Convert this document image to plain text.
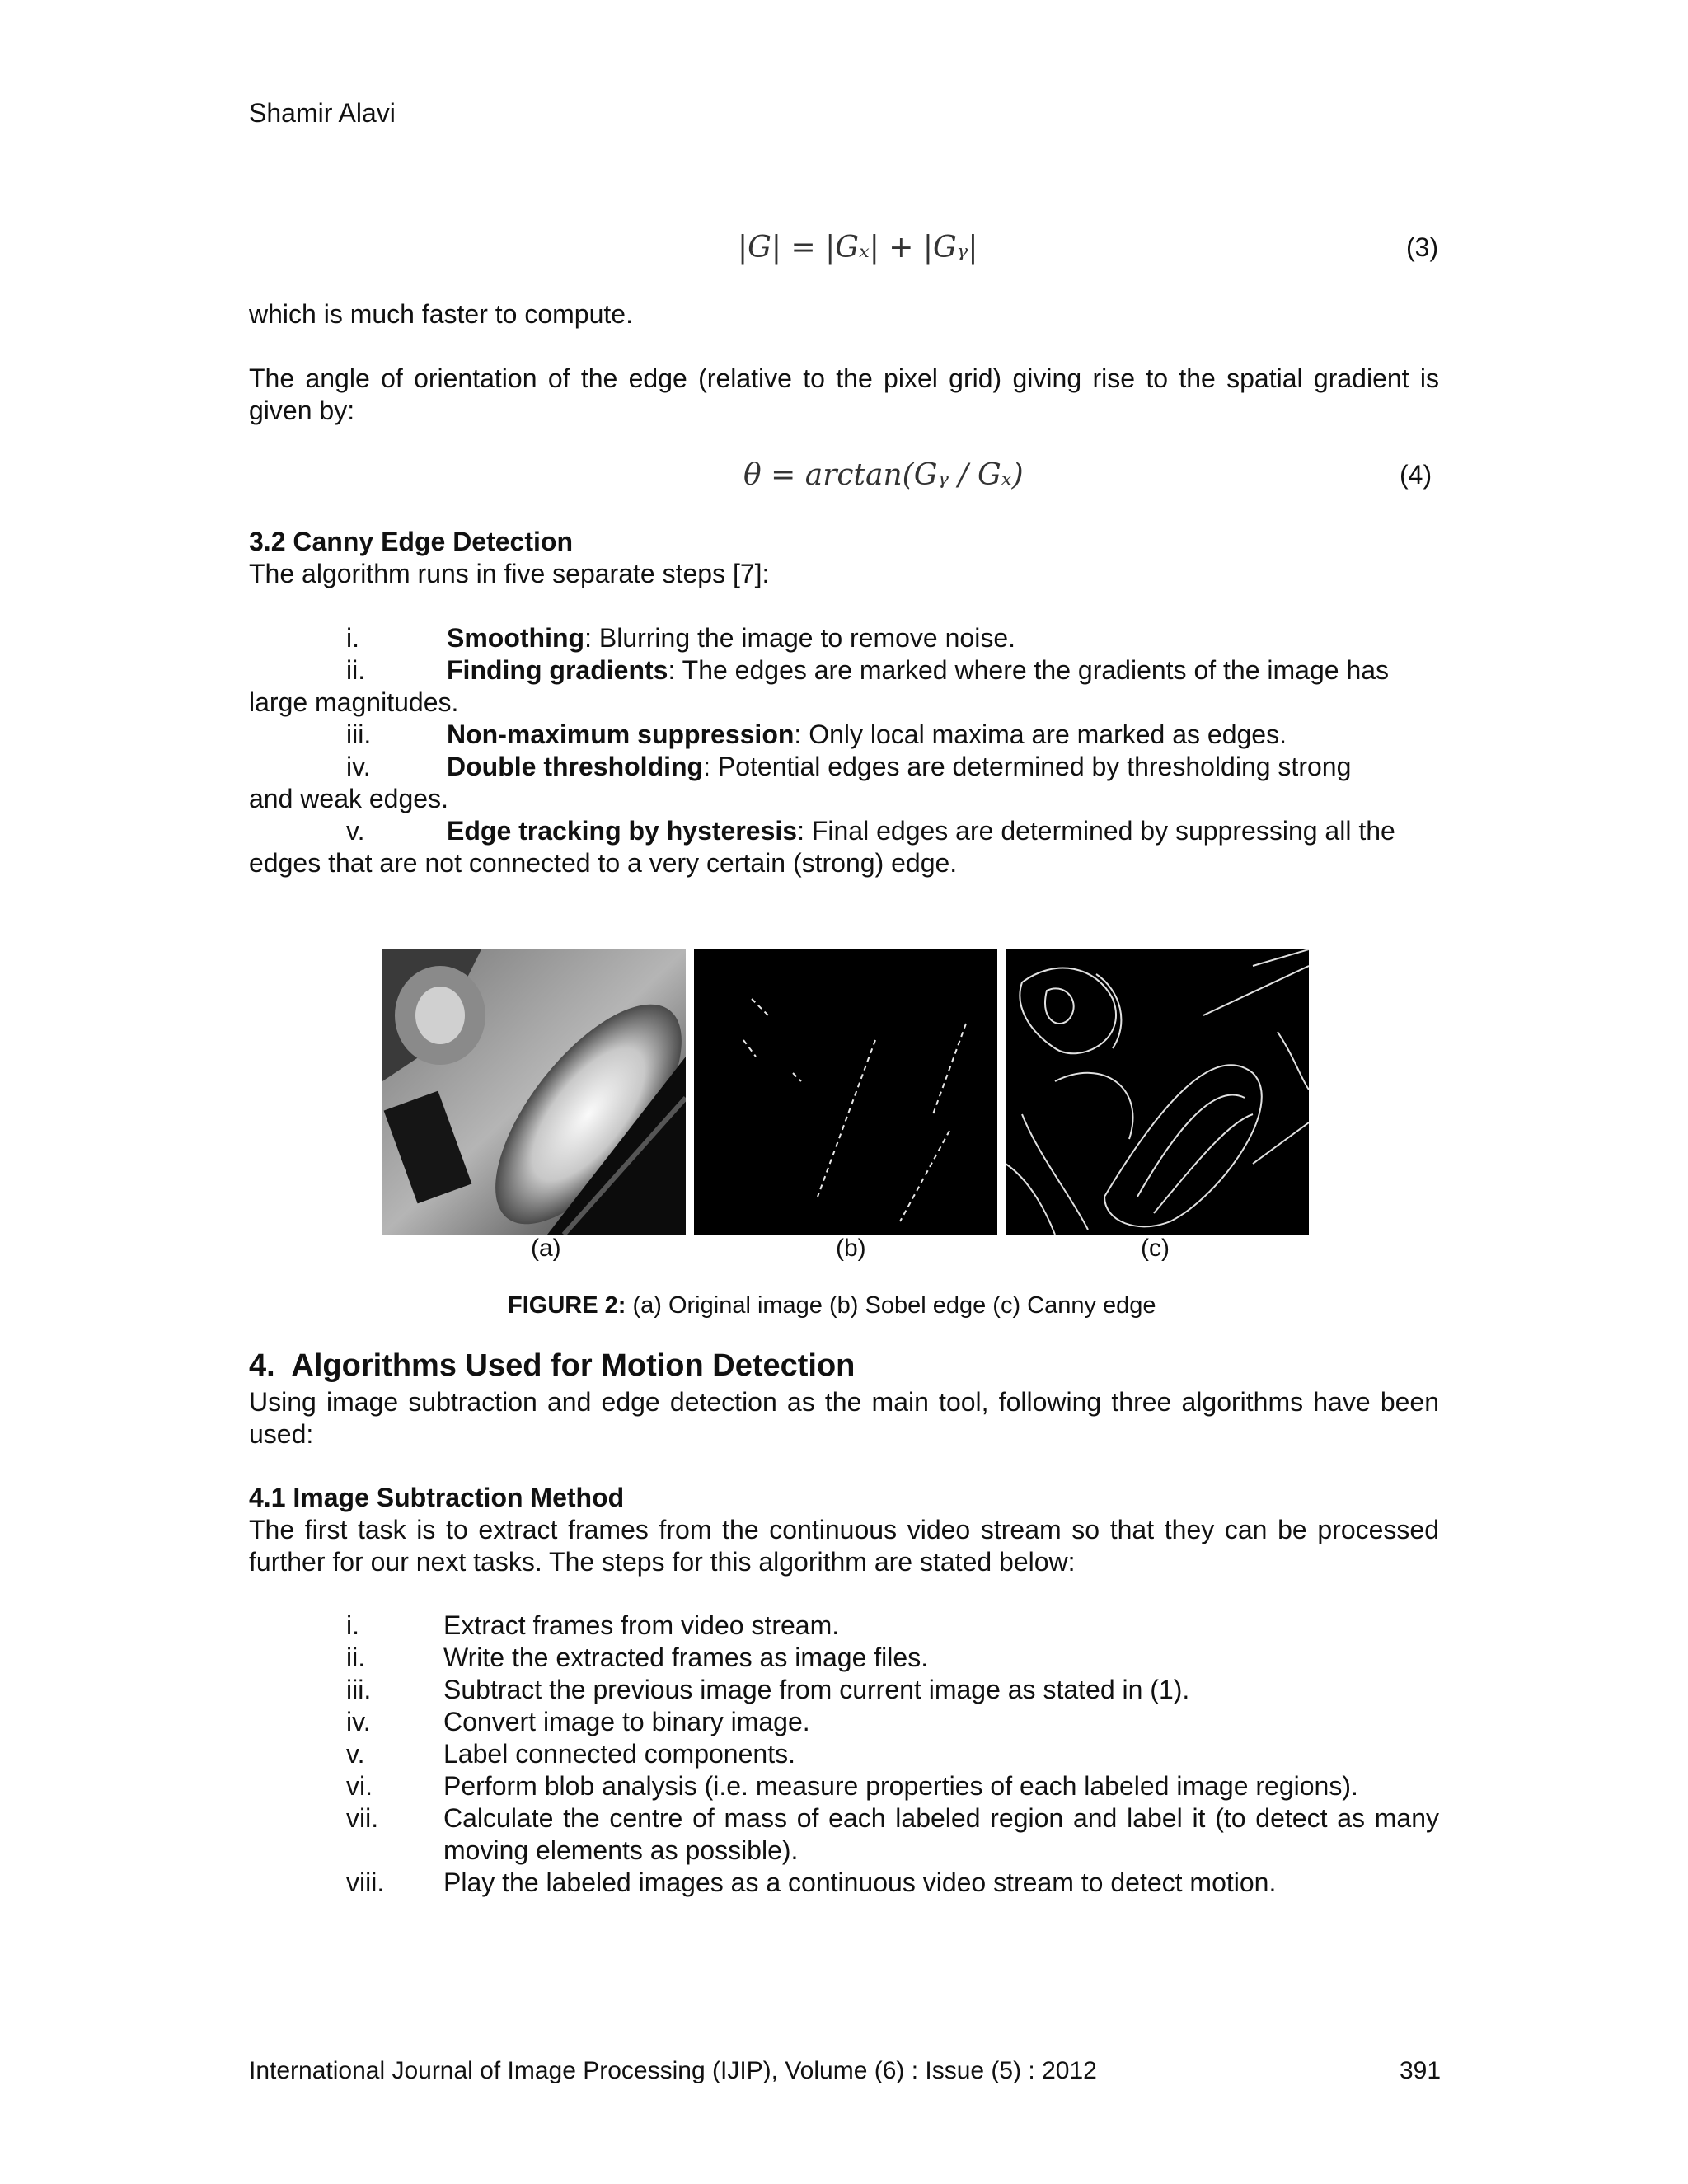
Shamir Alavi
|G| = |Gₓ| + |Gᵧ|	(3)
which is much faster to compute.
The angle of orientation of the edge (relative to the pixel grid) giving rise to the spatial gradient is given by:
θ = arctan(Gᵧ / Gₓ)	(4)
3.2 Canny Edge Detection
The algorithm runs in five separate steps [7]:
i.	Smoothing: Blurring the image to remove noise.
ii.	Finding gradients: The edges are marked where the gradients of the image has
large magnitudes.
iii.	Non-maximum suppression: Only local maxima are marked as edges.
iv.	Double thresholding: Potential edges are determined by thresholding strong
and weak edges.
v.	Edge tracking by hysteresis: Final edges are determined by suppressing all the
edges that are not connected to a very certain (strong) edge.
(a)	(b)	(c)
FIGURE 2: (a) Original image (b) Sobel edge (c) Canny edge
4.  Algorithms Used for Motion Detection
Using image subtraction and edge detection as the main tool, following three algorithms have been used:
4.1 Image Subtraction Method
The first task is to extract frames from the continuous video stream so that they can be processed further for our next tasks. The steps for this algorithm are stated below:
i.	Extract frames from video stream.
ii.	Write the extracted frames as image files.
iii.	Subtract the previous image from current image as stated in (1).
iv.	Convert image to binary image.
v.	Label connected components.
vi.	Perform blob analysis (i.e. measure properties of each labeled image regions).
vii.	Calculate the centre of mass of each labeled region and label it (to detect as many moving elements as possible).
viii.	Play the labeled images as a continuous video stream to detect motion.
International Journal of Image Processing (IJIP), Volume (6) : Issue (5) : 2012	391
